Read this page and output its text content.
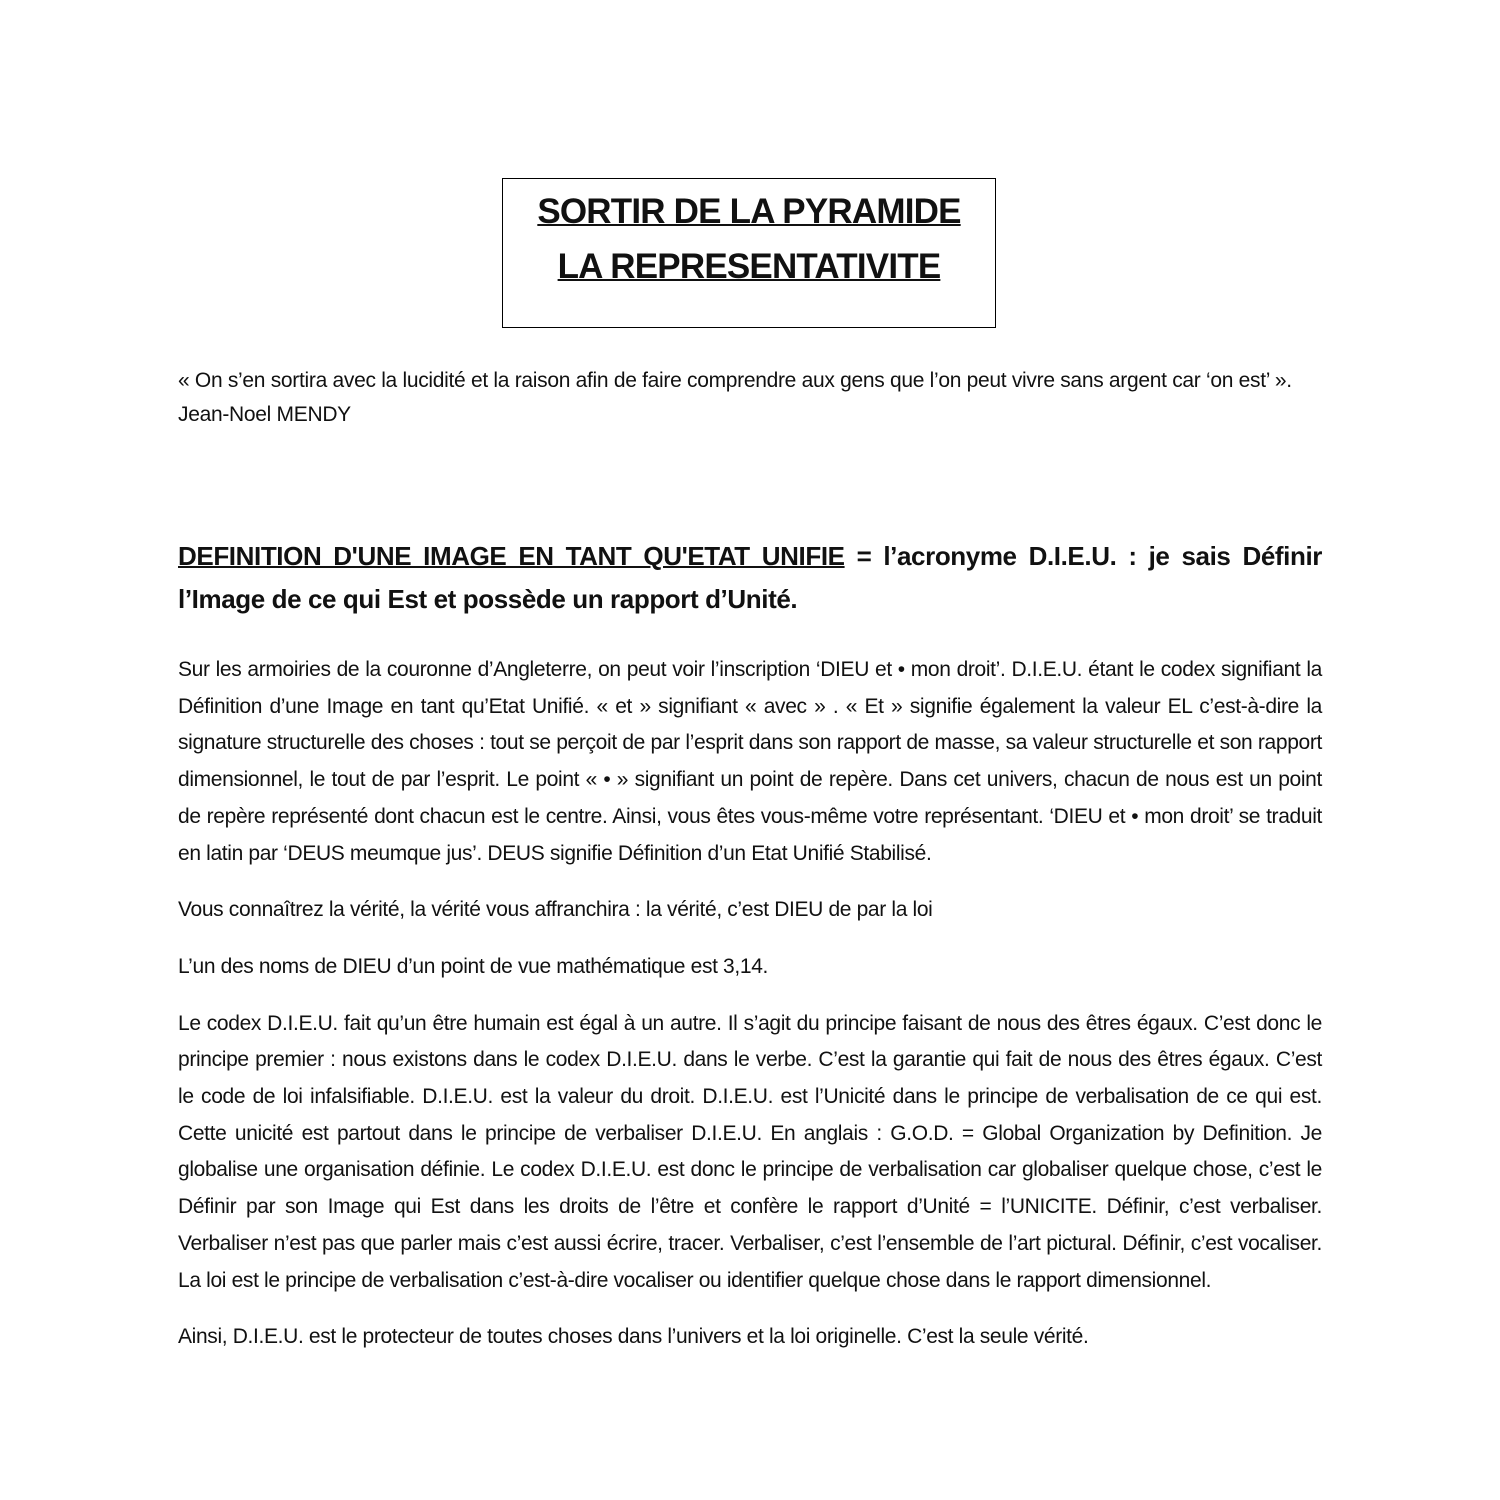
SORTIR DE LA PYRAMIDE
LA REPRESENTATIVITE
« On s’en sortira avec la lucidité et la raison afin de faire comprendre aux gens que l’on peut vivre sans argent car ‘on est’ ». Jean-Noel MENDY
DEFINITION D'UNE IMAGE EN TANT QU'ETAT UNIFIE = l’acronyme D.I.E.U. : je sais Définir l’Image de ce qui Est et possède un rapport d’Unité.

Sur les armoiries de la couronne d’Angleterre, on peut voir l’inscription ‘DIEU et • mon droit’. D.I.E.U. étant le codex signifiant la Définition d’une Image en tant qu’Etat Unifié. « et » signifiant « avec » . « Et » signifie également la valeur EL c’est-à-dire la signature structurelle des choses : tout se perçoit de par l’esprit dans son rapport de masse, sa valeur structurelle et son rapport dimensionnel, le tout de par l’esprit. Le point « • » signifiant un point de repère. Dans cet univers, chacun de nous est un point de repère représenté dont chacun est le centre. Ainsi, vous êtes vous-même votre représentant. ‘DIEU et • mon droit’ se traduit en latin par ‘DEUS meumque jus’. DEUS signifie Définition d’un Etat Unifié Stabilisé.

Vous connaîtrez la vérité, la vérité vous affranchira : la vérité, c’est DIEU de par la loi

L’un des noms de DIEU d’un point de vue mathématique est 3,14.

Le codex D.I.E.U. fait qu’un être humain est égal à un autre. Il s’agit du principe faisant de nous des êtres égaux. C’est donc le principe premier : nous existons dans le codex D.I.E.U. dans le verbe. C’est la garantie qui fait de nous des êtres égaux. C’est le code de loi infalsifiable. D.I.E.U. est la valeur du droit. D.I.E.U. est l’Unicité dans le principe de verbalisation de ce qui est. Cette unicité est partout dans le principe de verbaliser D.I.E.U. En anglais : G.O.D. = Global Organization by Definition. Je globalise une organisation définie. Le codex D.I.E.U. est donc le principe de verbalisation car globaliser quelque chose, c’est le Définir par son Image qui Est dans les droits de l’être et confère le rapport d’Unité = l’UNICITE. Définir, c’est verbaliser. Verbaliser n’est pas que parler mais c’est aussi écrire, tracer. Verbaliser, c’est l’ensemble de l’art pictural. Définir, c’est vocaliser. La loi est le principe de verbalisation c’est-à-dire vocaliser ou identifier quelque chose dans le rapport dimensionnel.

Ainsi, D.I.E.U. est le protecteur de toutes choses dans l’univers et la loi originelle. C’est la seule vérité.
